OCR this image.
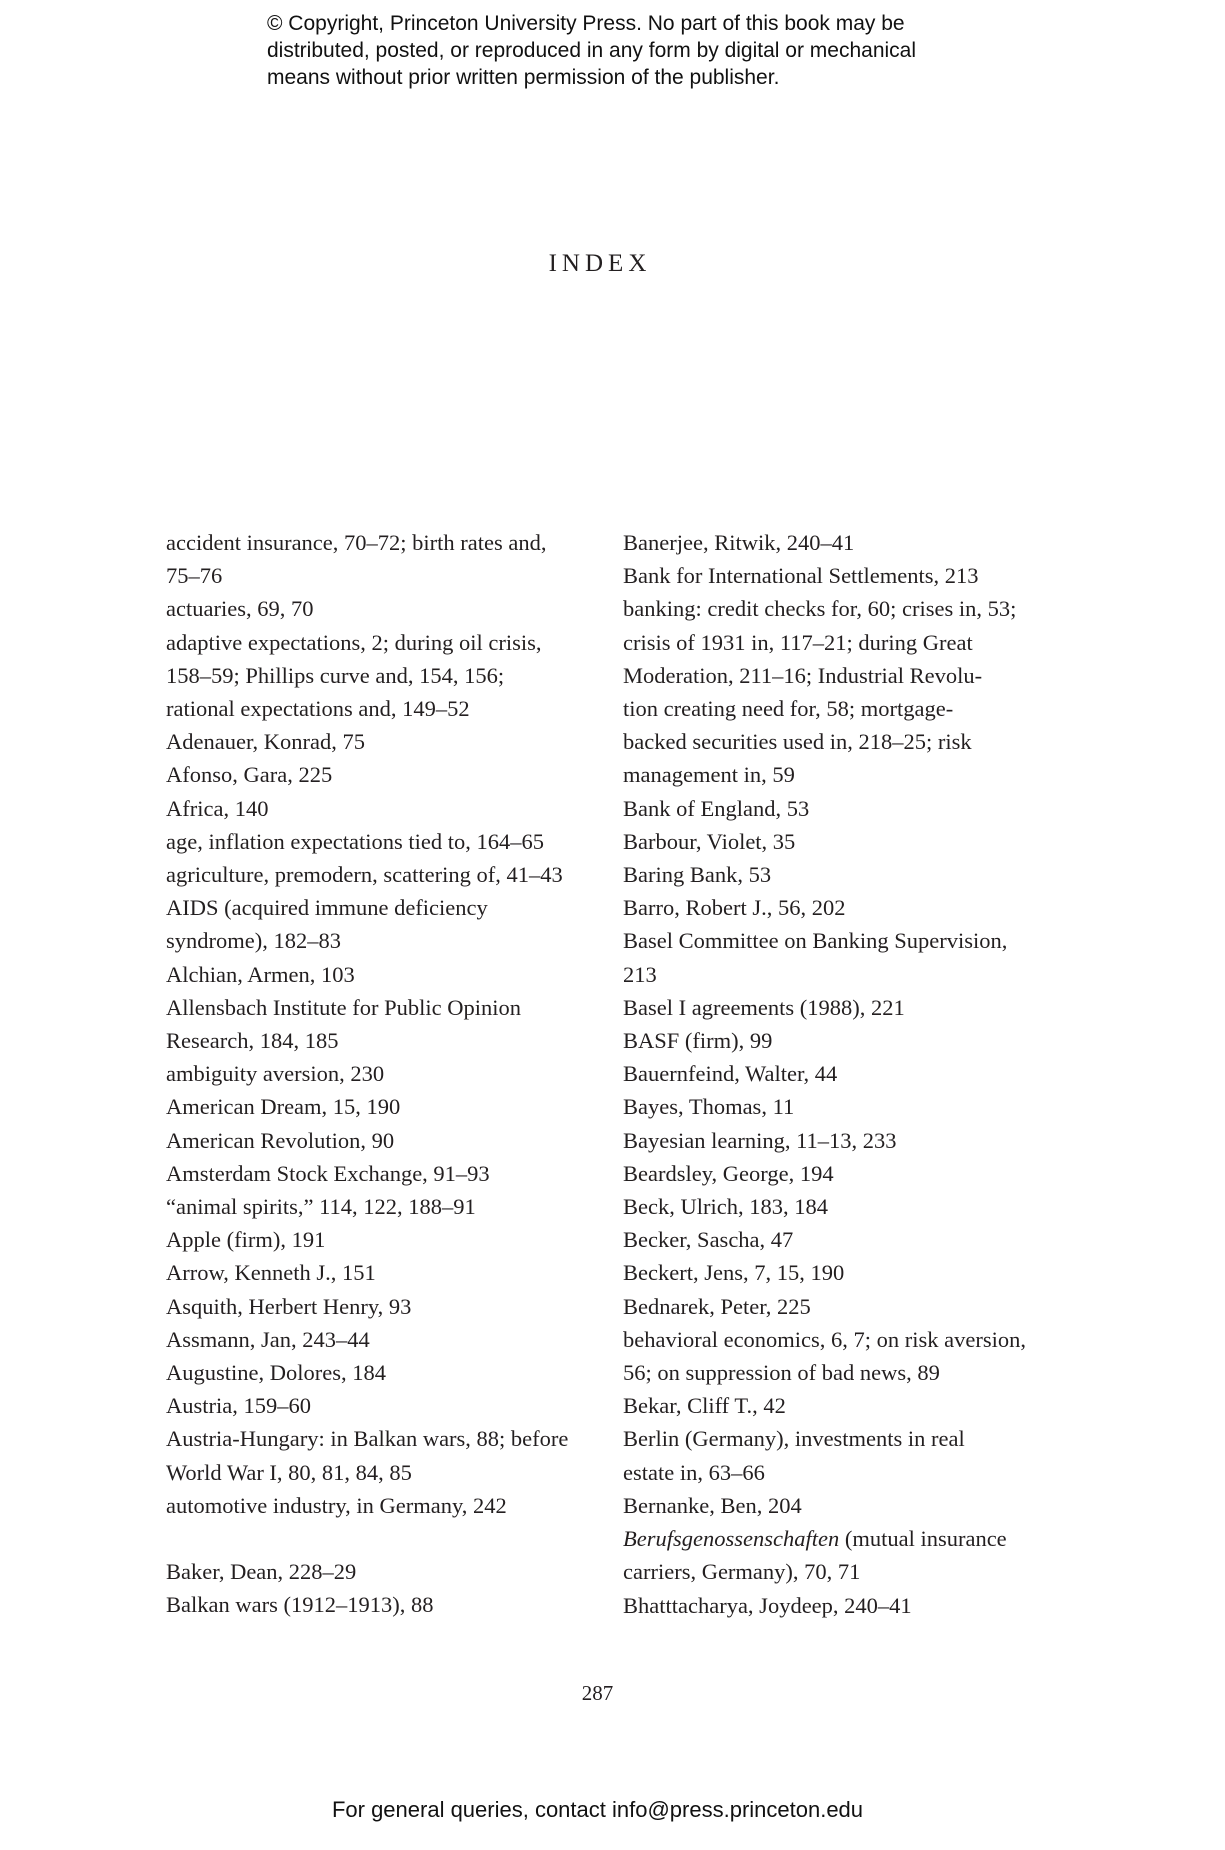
© Copyright, Princeton University Press. No part of this book may be
distributed, posted, or reproduced in any form by digital or mechanical
means without prior written permission of the publisher.
INDEX
accident insurance, 70–72; birth rates and,
75–76
actuaries, 69, 70
adaptive expectations, 2; during oil crisis,
158–59; Phillips curve and, 154, 156;
rational expectations and, 149–52
Adenauer, Konrad, 75
Afonso, Gara, 225
Africa, 140
age, inflation expectations tied to, 164–65
agriculture, premodern, scattering of, 41–43
AIDS (acquired immune deficiency
syndrome), 182–83
Alchian, Armen, 103
Allensbach Institute for Public Opinion
Research, 184, 185
ambiguity aversion, 230
American Dream, 15, 190
American Revolution, 90
Amsterdam Stock Exchange, 91–93
“animal spirits,” 114, 122, 188–91
Apple (firm), 191
Arrow, Kenneth J., 151
Asquith, Herbert Henry, 93
Assmann, Jan, 243–44
Augustine, Dolores, 184
Austria, 159–60
Austria-Hungary: in Balkan wars, 88; before
World War I, 80, 81, 84, 85
automotive industry, in Germany, 242
Baker, Dean, 228–29
Balkan wars (1912–1913), 88
Banerjee, Ritwik, 240–41
Bank for International Settlements, 213
banking: credit checks for, 60; crises in, 53;
crisis of 1931 in, 117–21; during Great
Moderation, 211–16; Industrial Revolu-
tion creating need for, 58; mortgage-
backed securities used in, 218–25; risk
management in, 59
Bank of England, 53
Barbour, Violet, 35
Baring Bank, 53
Barro, Robert J., 56, 202
Basel Committee on Banking Supervision,
213
Basel I agreements (1988), 221
BASF (firm), 99
Bauernfeind, Walter, 44
Bayes, Thomas, 11
Bayesian learning, 11–13, 233
Beardsley, George, 194
Beck, Ulrich, 183, 184
Becker, Sascha, 47
Beckert, Jens, 7, 15, 190
Bednarek, Peter, 225
behavioral economics, 6, 7; on risk aversion,
56; on suppression of bad news, 89
Bekar, Cliff T., 42
Berlin (Germany), investments in real
estate in, 63–66
Bernanke, Ben, 204
Berufsgenossenschaften (mutual insurance
carriers, Germany), 70, 71
Bhatttacharya, Joydeep, 240–41
287
For general queries, contact info@press.princeton.edu
